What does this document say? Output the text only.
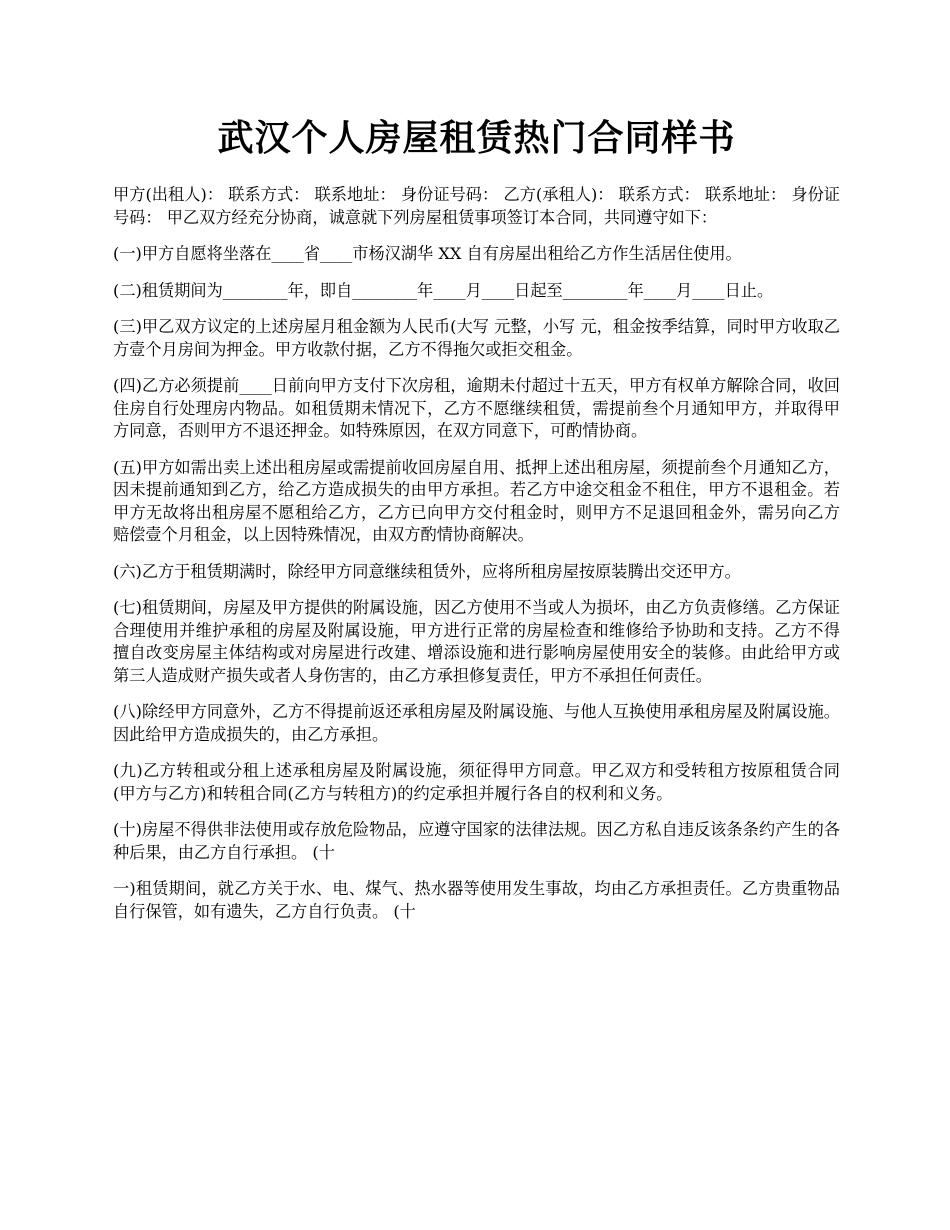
武汉个人房屋租赁热门合同样书

甲方(出租人)： 联系方式： 联系地址： 身份证号码： 乙方(承租人)： 联系方式： 联系地址： 身份证号码： 甲乙双方经充分协商，诚意就下列房屋租赁事项签订本合同，共同遵守如下：

(一)甲方自愿将坐落在____省____市杨汉湖华 XX 自有房屋出租给乙方作生活居住使用。

(二)租赁期间为________年，即自________年____月____日起至________年____月____日止。

(三)甲乙双方议定的上述房屋月租金额为人民币(大写 元整，小写 元，租金按季结算，同时甲方收取乙方壹个月房间为押金。甲方收款付据，乙方不得拖欠或拒交租金。

(四)乙方必须提前____日前向甲方支付下次房租，逾期未付超过十五天，甲方有权单方解除合同，收回住房自行处理房内物品。如租赁期未情况下，乙方不愿继续租赁，需提前叁个月通知甲方，并取得甲方同意，否则甲方不退还押金。如特殊原因，在双方同意下，可酌情协商。

(五)甲方如需出卖上述出租房屋或需提前收回房屋自用、抵押上述出租房屋，须提前叁个月通知乙方，因未提前通知到乙方，给乙方造成损失的由甲方承担。若乙方中途交租金不租住，甲方不退租金。若甲方无故将出租房屋不愿租给乙方，乙方已向甲方交付租金时，则甲方不足退回租金外，需另向乙方赔偿壹个月租金，以上因特殊情况，由双方酌情协商解决。

(六)乙方于租赁期满时，除经甲方同意继续租赁外，应将所租房屋按原装腾出交还甲方。

(七)租赁期间，房屋及甲方提供的附属设施，因乙方使用不当或人为损坏，由乙方负责修缮。乙方保证合理使用并维护承租的房屋及附属设施，甲方进行正常的房屋检查和维修给予协助和支持。乙方不得擅自改变房屋主体结构或对房屋进行改建、增添设施和进行影响房屋使用安全的装修。由此给甲方或第三人造成财产损失或者人身伤害的，由乙方承担修复责任，甲方不承担任何责任。

(八)除经甲方同意外，乙方不得提前返还承租房屋及附属设施、与他人互换使用承租房屋及附属设施。因此给甲方造成损失的，由乙方承担。

(九)乙方转租或分租上述承租房屋及附属设施，须征得甲方同意。甲乙双方和受转租方按原租赁合同(甲方与乙方)和转租合同(乙方与转租方)的约定承担并履行各自的权利和义务。

(十)房屋不得供非法使用或存放危险物品，应遵守国家的法律法规。因乙方私自违反该条条约产生的各种后果，由乙方自行承担。 (十

一)租赁期间，就乙方关于水、电、煤气、热水器等使用发生事故，均由乙方承担责任。乙方贵重物品自行保管，如有遗失，乙方自行负责。 (十
